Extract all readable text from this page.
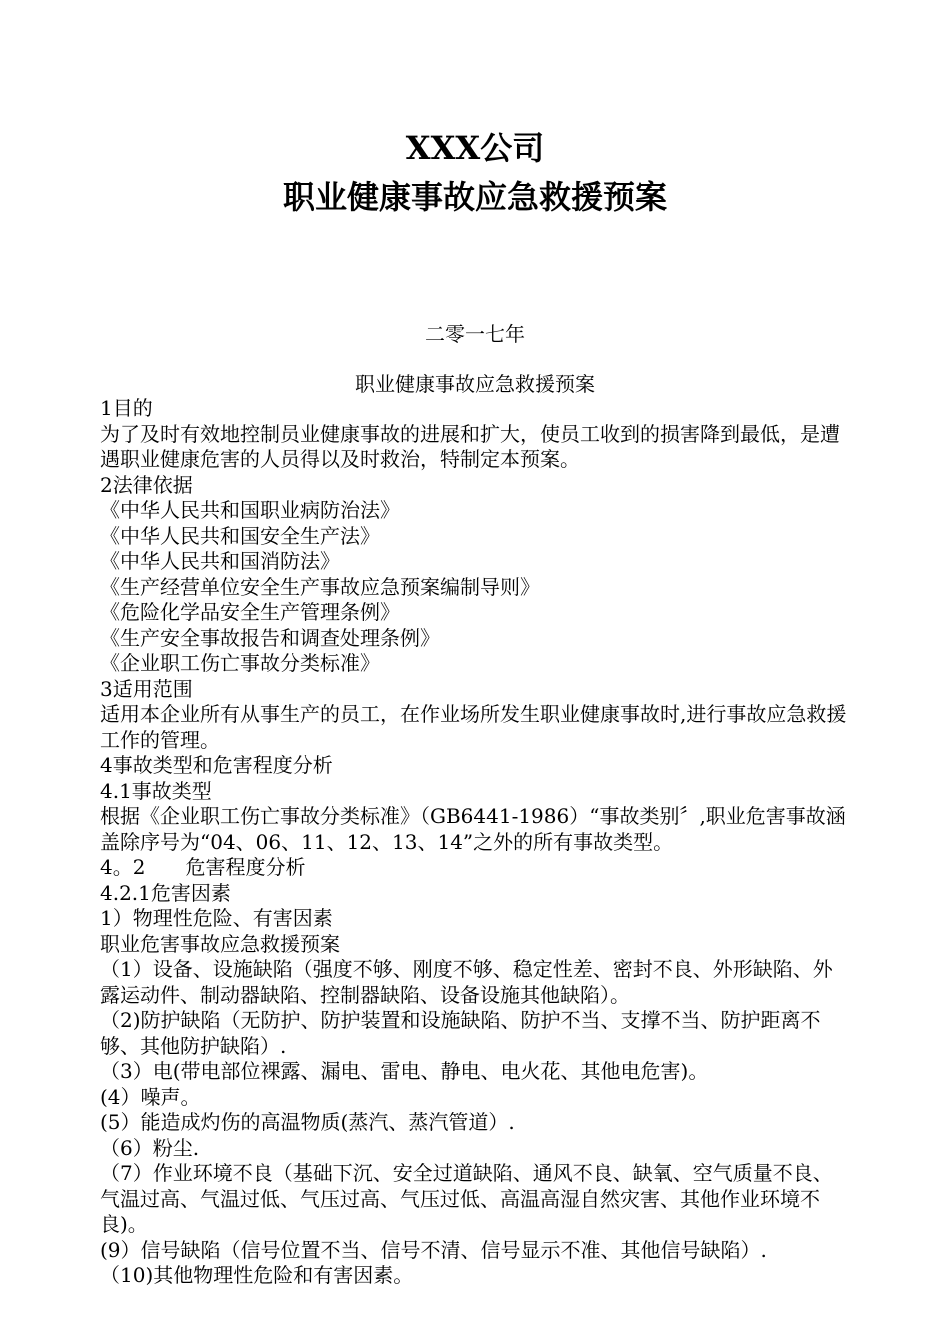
XXX公司
职业健康事故应急救援预案
二零一七年
职业健康事故应急救援预案

1目的

为了及时有效地控制员业健康事故的进展和扩大，使员工收到的损害降到最低，是遭遇职业健康危害的人员得以及时救治，特制定本预案。

2法律依据

《中华人民共和国职业病防治法》

《中华人民共和国安全生产法》

《中华人民共和国消防法》

《生产经营单位安全生产事故应急预案编制导则》

《危险化学品安全生产管理条例》

《生产安全事故报告和调查处理条例》

《企业职工伤亡事故分类标准》

3适用范围

适用本企业所有从事生产的员工，在作业场所发生职业健康事故时,进行事故应急救援工作的管理。

4事故类型和危害程度分析

4.1事故类型

根据《企业职工伤亡事故分类标准》（GB6441-1986）“事故类别〞,职业危害事故涵盖除序号为“04、06、11、12、13、14”之外的所有事故类型。

4。2 危害程度分析

4.2.1危害因素

1）物理性危险、有害因素

职业危害事故应急救援预案

（1）设备、设施缺陷（强度不够、刚度不够、稳定性差、密封不良、外形缺陷、外露运动件、制动器缺陷、控制器缺陷、设备设施其他缺陷）。

（2)防护缺陷（无防护、防护装置和设施缺陷、防护不当、支撑不当、防护距离不够、其他防护缺陷）.

（3）电(带电部位裸露、漏电、雷电、静电、电火花、其他电危害)。

(4）噪声。

(5）能造成灼伤的高温物质(蒸汽、蒸汽管道）.

（6）粉尘.

（7）作业环境不良（基础下沉、安全过道缺陷、通风不良、缺氧、空气质量不良、气温过高、气温过低、气压过高、气压过低、高温高湿自然灾害、其他作业环境不良)。

(9）信号缺陷（信号位置不当、信号不清、信号显示不准、其他信号缺陷）.

（10)其他物理性危险和有害因素。
